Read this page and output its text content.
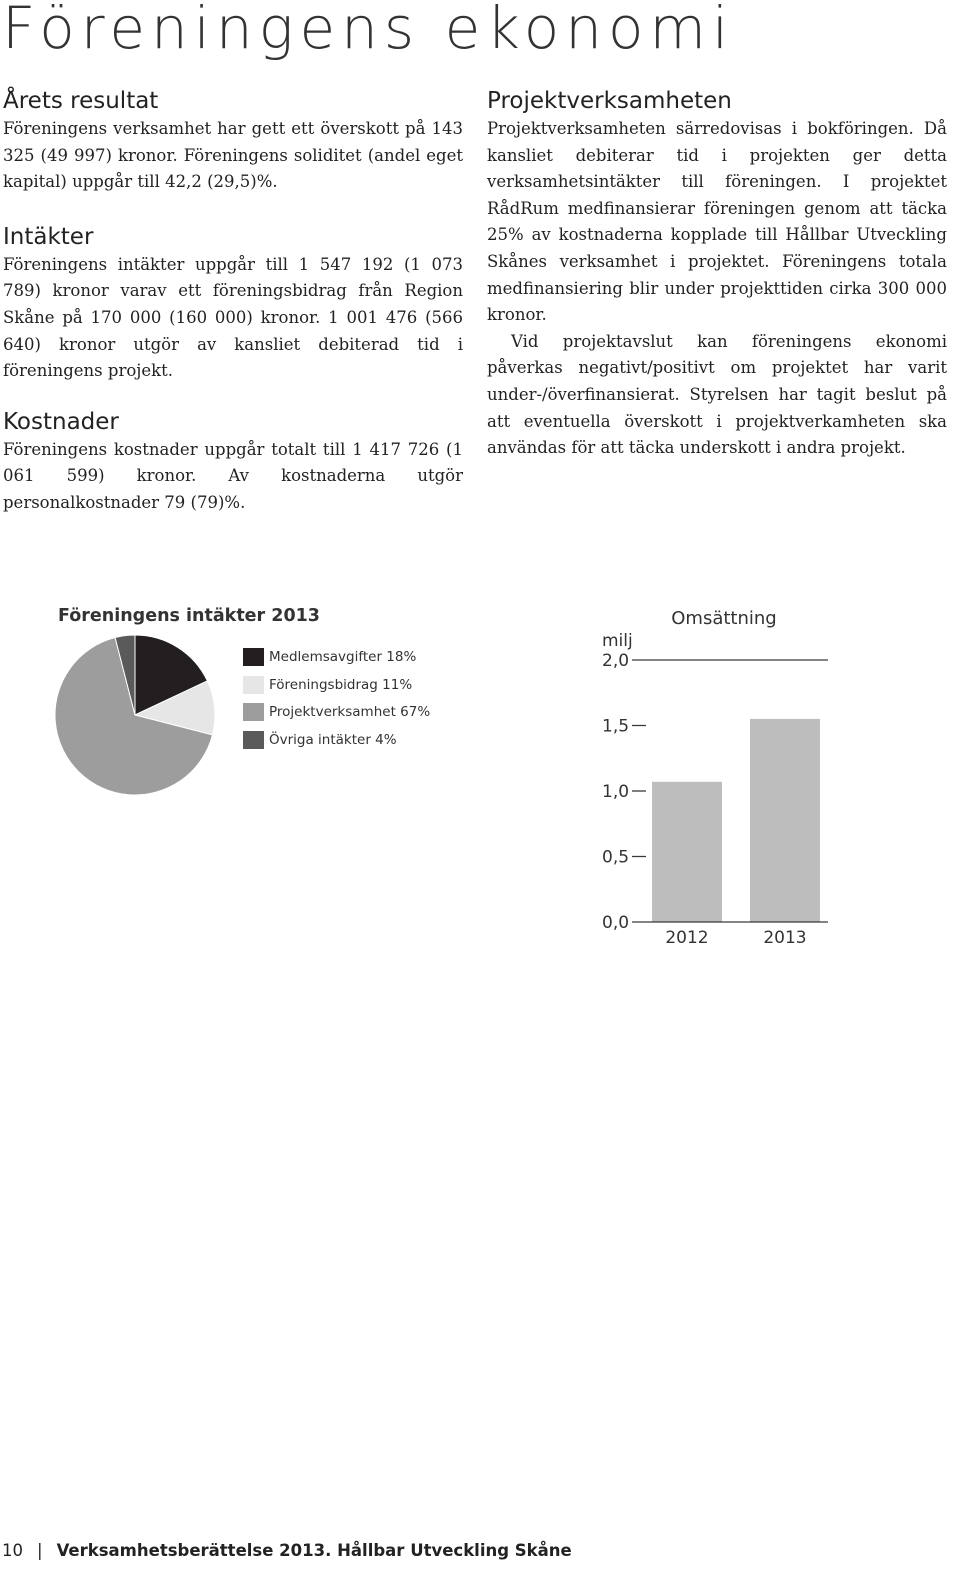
Föreningens ekonomi
Årets resultat

Föreningens verksamhet har gett ett överskott på 143 325 (49 997) kronor. Föreningens soliditet (andel eget kapital) uppgår till 42,2 (29,5)%.

Intäkter

Föreningens intäkter uppgår till 1 547 192 (1 073 789) kronor varav ett föreningsbidrag från Region Skåne på 170 000 (160 000) kronor. 1 001 476 (566 640) kronor utgör av kansliet debiterad tid i föreningens projekt.

Kostnader

Föreningens kostnader uppgår totalt till 1 417 726 (1 061 599) kronor. Av kostnaderna utgör personalkostnader 79 (79)%.

Projektverksamheten

Projektverksamheten särredovisas i bokföringen. Då kansliet debiterar tid i projekten ger detta verksamhetsintäkter till föreningen. I projektet RådRum medfinansierar föreningen genom att täcka 25% av kostnaderna kopplade till Hållbar Utveckling Skånes verksamhet i projektet. Föreningens totala medfinansiering blir under projekttiden cirka 300 000 kronor.

Vid projektavslut kan föreningens ekonomi påverkas negativt/positivt om projektet har varit under-/överfinansierat. Styrelsen har tagit beslut på att eventuella överskott i projektverkamheten ska användas för att täcka underskott i andra projekt.

Föreningens intäkter 2013
Medlemsavgifter 18%
Föreningsbidrag 11%
Projektverksamhet 67%
Övriga intäkter 4%
Omsättning
milj
2012	2013
0,0
0,5
1,0
1,5
2,0
10 | Verksamhetsberättelse 2013. Hållbar Utveckling Skåne
